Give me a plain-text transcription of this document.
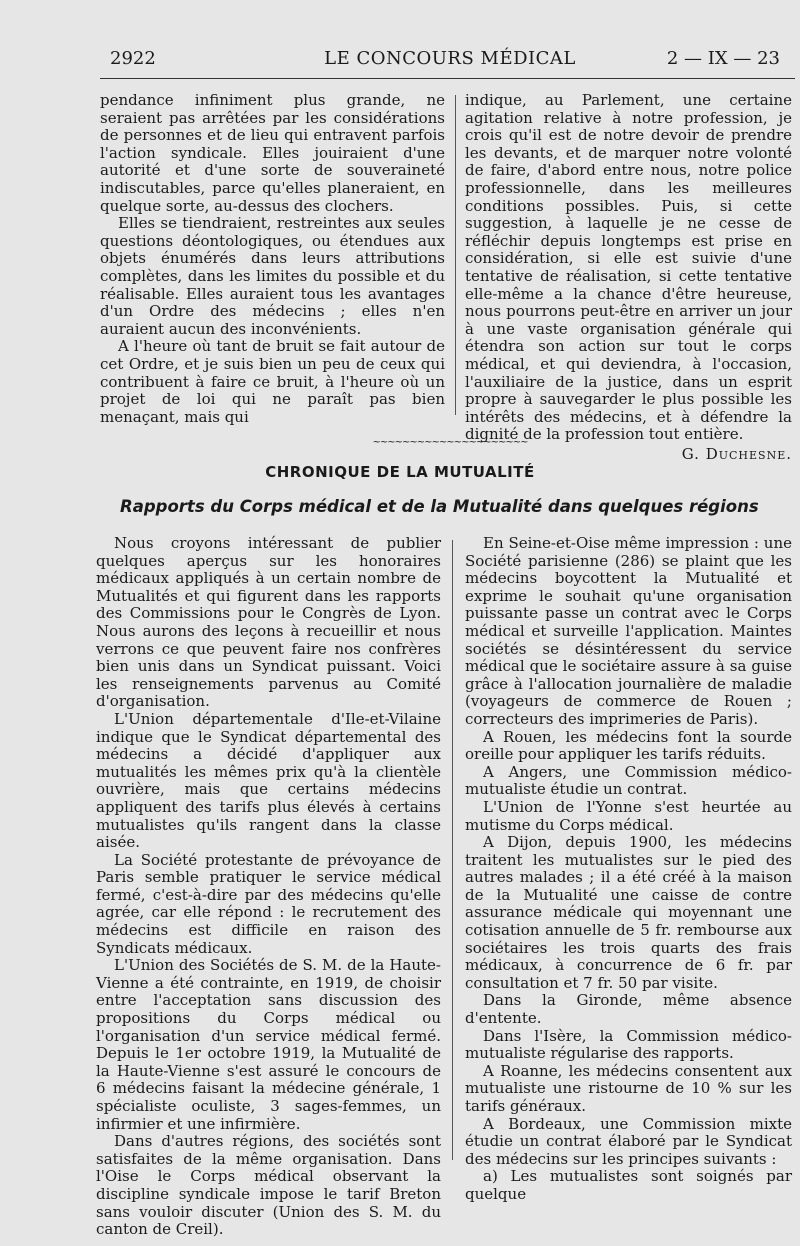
2922	LE CONCOURS MÉDICAL	2 — IX — 23

pendance infiniment plus grande, ne seraient pas arrêtées par les considérations de personnes et de lieu qui entravent parfois l'action syndicale. Elles jouiraient d'une autorité et d'une sorte de souveraineté indiscutables, parce qu'elles planeraient, en quelque sorte, au-dessus des clochers.

Elles se tiendraient, restreintes aux seules questions déontologiques, ou étendues aux objets énumérés dans leurs attributions complètes, dans les limites du possible et du réalisable. Elles auraient tous les avantages d'un Ordre des médecins ; elles n'en auraient aucun des inconvénients.

A l'heure où tant de bruit se fait autour de cet Ordre, et je suis bien un peu de ceux qui contribuent à faire ce bruit, à l'heure où un projet de loi qui ne paraît pas bien menaçant, mais qui

indique, au Parlement, une certaine agitation relative à notre profession, je crois qu'il est de notre devoir de prendre les devants, et de marquer notre volonté de faire, d'abord entre nous, notre police professionnelle, dans les meilleures conditions possibles. Puis, si cette suggestion, à laquelle je ne cesse de réfléchir depuis longtemps est prise en considération, si elle est suivie d'une tentative de réalisation, si cette tentative elle-même a la chance d'être heureuse, nous pourrons peut-être en arriver un jour à une vaste organisation générale qui étendra son action sur tout le corps médical, et qui deviendra, à l'occasion, l'auxiliaire de la justice, dans un esprit propre à sauvegarder le plus possible les intérêts des médecins, et à défendre la dignité de la profession tout entière.

G. Duchesne.
~~~~~~~~~~~~~~~~~~~~~
CHRONIQUE DE LA MUTUALITÉ
Rapports du Corps médical et de la Mutualité dans quelques régions

Nous croyons intéressant de publier quelques aperçus sur les honoraires médicaux appliqués à un certain nombre de Mutualités et qui figurent dans les rapports des Commissions pour le Congrès de Lyon. Nous aurons des leçons à recueillir et nous verrons ce que peuvent faire nos confrères bien unis dans un Syndicat puissant. Voici les renseignements parvenus au Comité d'organisation.

L'Union départementale d'Ile-et-Vilaine indique que le Syndicat départemental des médecins a décidé d'appliquer aux mutualités les mêmes prix qu'à la clientèle ouvrière, mais que certains médecins appliquent des tarifs plus élevés à certains mutualistes qu'ils rangent dans la classe aisée.

La Société protestante de prévoyance de Paris semble pratiquer le service médical fermé, c'est-à-dire par des médecins qu'elle agrée, car elle répond : le recrutement des médecins est difficile en raison des Syndicats médicaux.

L'Union des Sociétés de S. M. de la Haute-Vienne a été contrainte, en 1919, de choisir entre l'acceptation sans discussion des propositions du Corps médical ou l'organisation d'un service médical fermé. Depuis le 1er octobre 1919, la Mutualité de la Haute-Vienne s'est assuré le concours de 6 médecins faisant la médecine générale, 1 spécialiste oculiste, 3 sages-femmes, un infirmier et une infirmière.

Dans d'autres régions, des sociétés sont satisfaites de la même organisation. Dans l'Oise le Corps médical observant la discipline syndicale impose le tarif Breton sans vouloir discuter (Union des S. M. du canton de Creil).

En Seine-et-Oise même impression : une Société parisienne (286) se plaint que les médecins boycottent la Mutualité et exprime le souhait qu'une organisation puissante passe un contrat avec le Corps médical et surveille l'application. Maintes sociétés se désintéressent du service médical que le sociétaire assure à sa guise grâce à l'allocation journalière de maladie (voyageurs de commerce de Rouen ; correcteurs des imprimeries de Paris).

A Rouen, les médecins font la sourde oreille pour appliquer les tarifs réduits.

A Angers, une Commission médico-mutualiste étudie un contrat.

L'Union de l'Yonne s'est heurtée au mutisme du Corps médical.

A Dijon, depuis 1900, les médecins traitent les mutualistes sur le pied des autres malades ; il a été créé à la maison de la Mutualité une caisse de contre assurance médicale qui moyennant une cotisation annuelle de 5 fr. rembourse aux sociétaires les trois quarts des frais médicaux, à concurrence de 6 fr. par consultation et 7 fr. 50 par visite.

Dans la Gironde, même absence d'entente.

Dans l'Isère, la Commission médico-mutualiste régularise des rapports.

A Roanne, les médecins consentent aux mutualiste une ristourne de 10 % sur les tarifs généraux.

A Bordeaux, une Commission mixte étudie un contrat élaboré par le Syndicat des médecins sur les principes suivants :

a) Les mutualistes sont soignés par quelque
